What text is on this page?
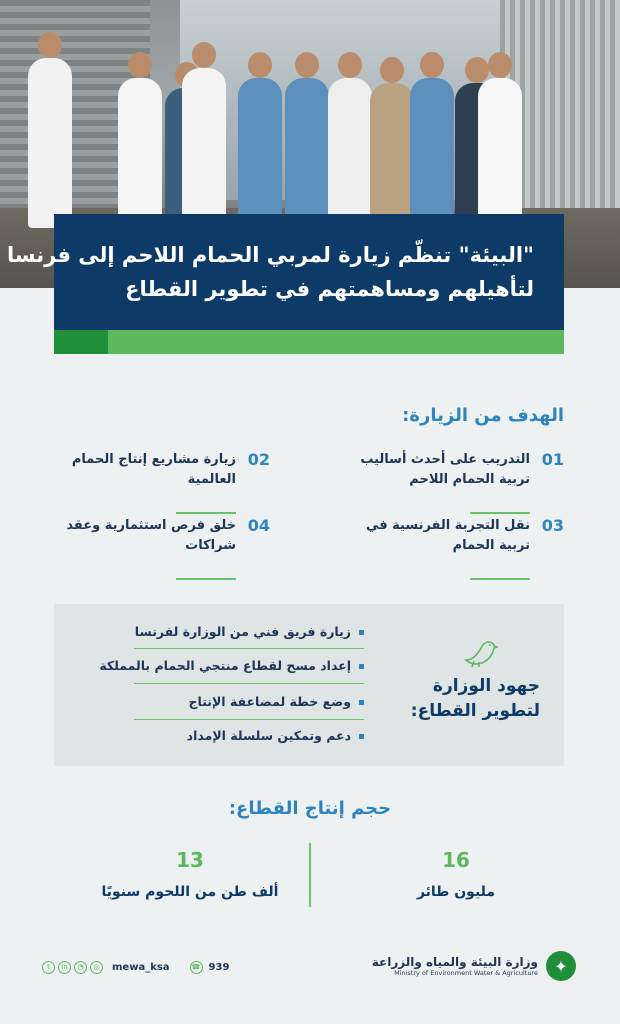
"البيئة" تنظّم زيارة لمربي الحمام اللاحم إلى فرنسا
لتأهيلهم ومساهمتهم في تطوير القطاع
الهدف من الزيارة:
01
التدريب على أحدث أساليب تربية الحمام اللاحم
02
زيارة مشاريع إنتاج الحمام العالمية
03
نقل التجربة الفرنسية في تربية الحمام
04
خلق فرص استثمارية وعقد شراكات
جهود الوزارة لتطوير القطاع:
زيارة فريق فني من الوزارة لفرنسا
إعداد مسح لقطاع منتجي الحمام بالمملكة
وضع خطة لمضاعفة الإنتاج
دعم وتمكين سلسلة الإمداد
حجم إنتاج القطاع:
16
مليون طائر
13
ألف طن من اللحوم سنويًا
✦
وزارة البيئة والمياه والزراعة
Ministry of Environment Water & Agriculture
t	in	◔	◎	mewa_ksa	☎ 939
